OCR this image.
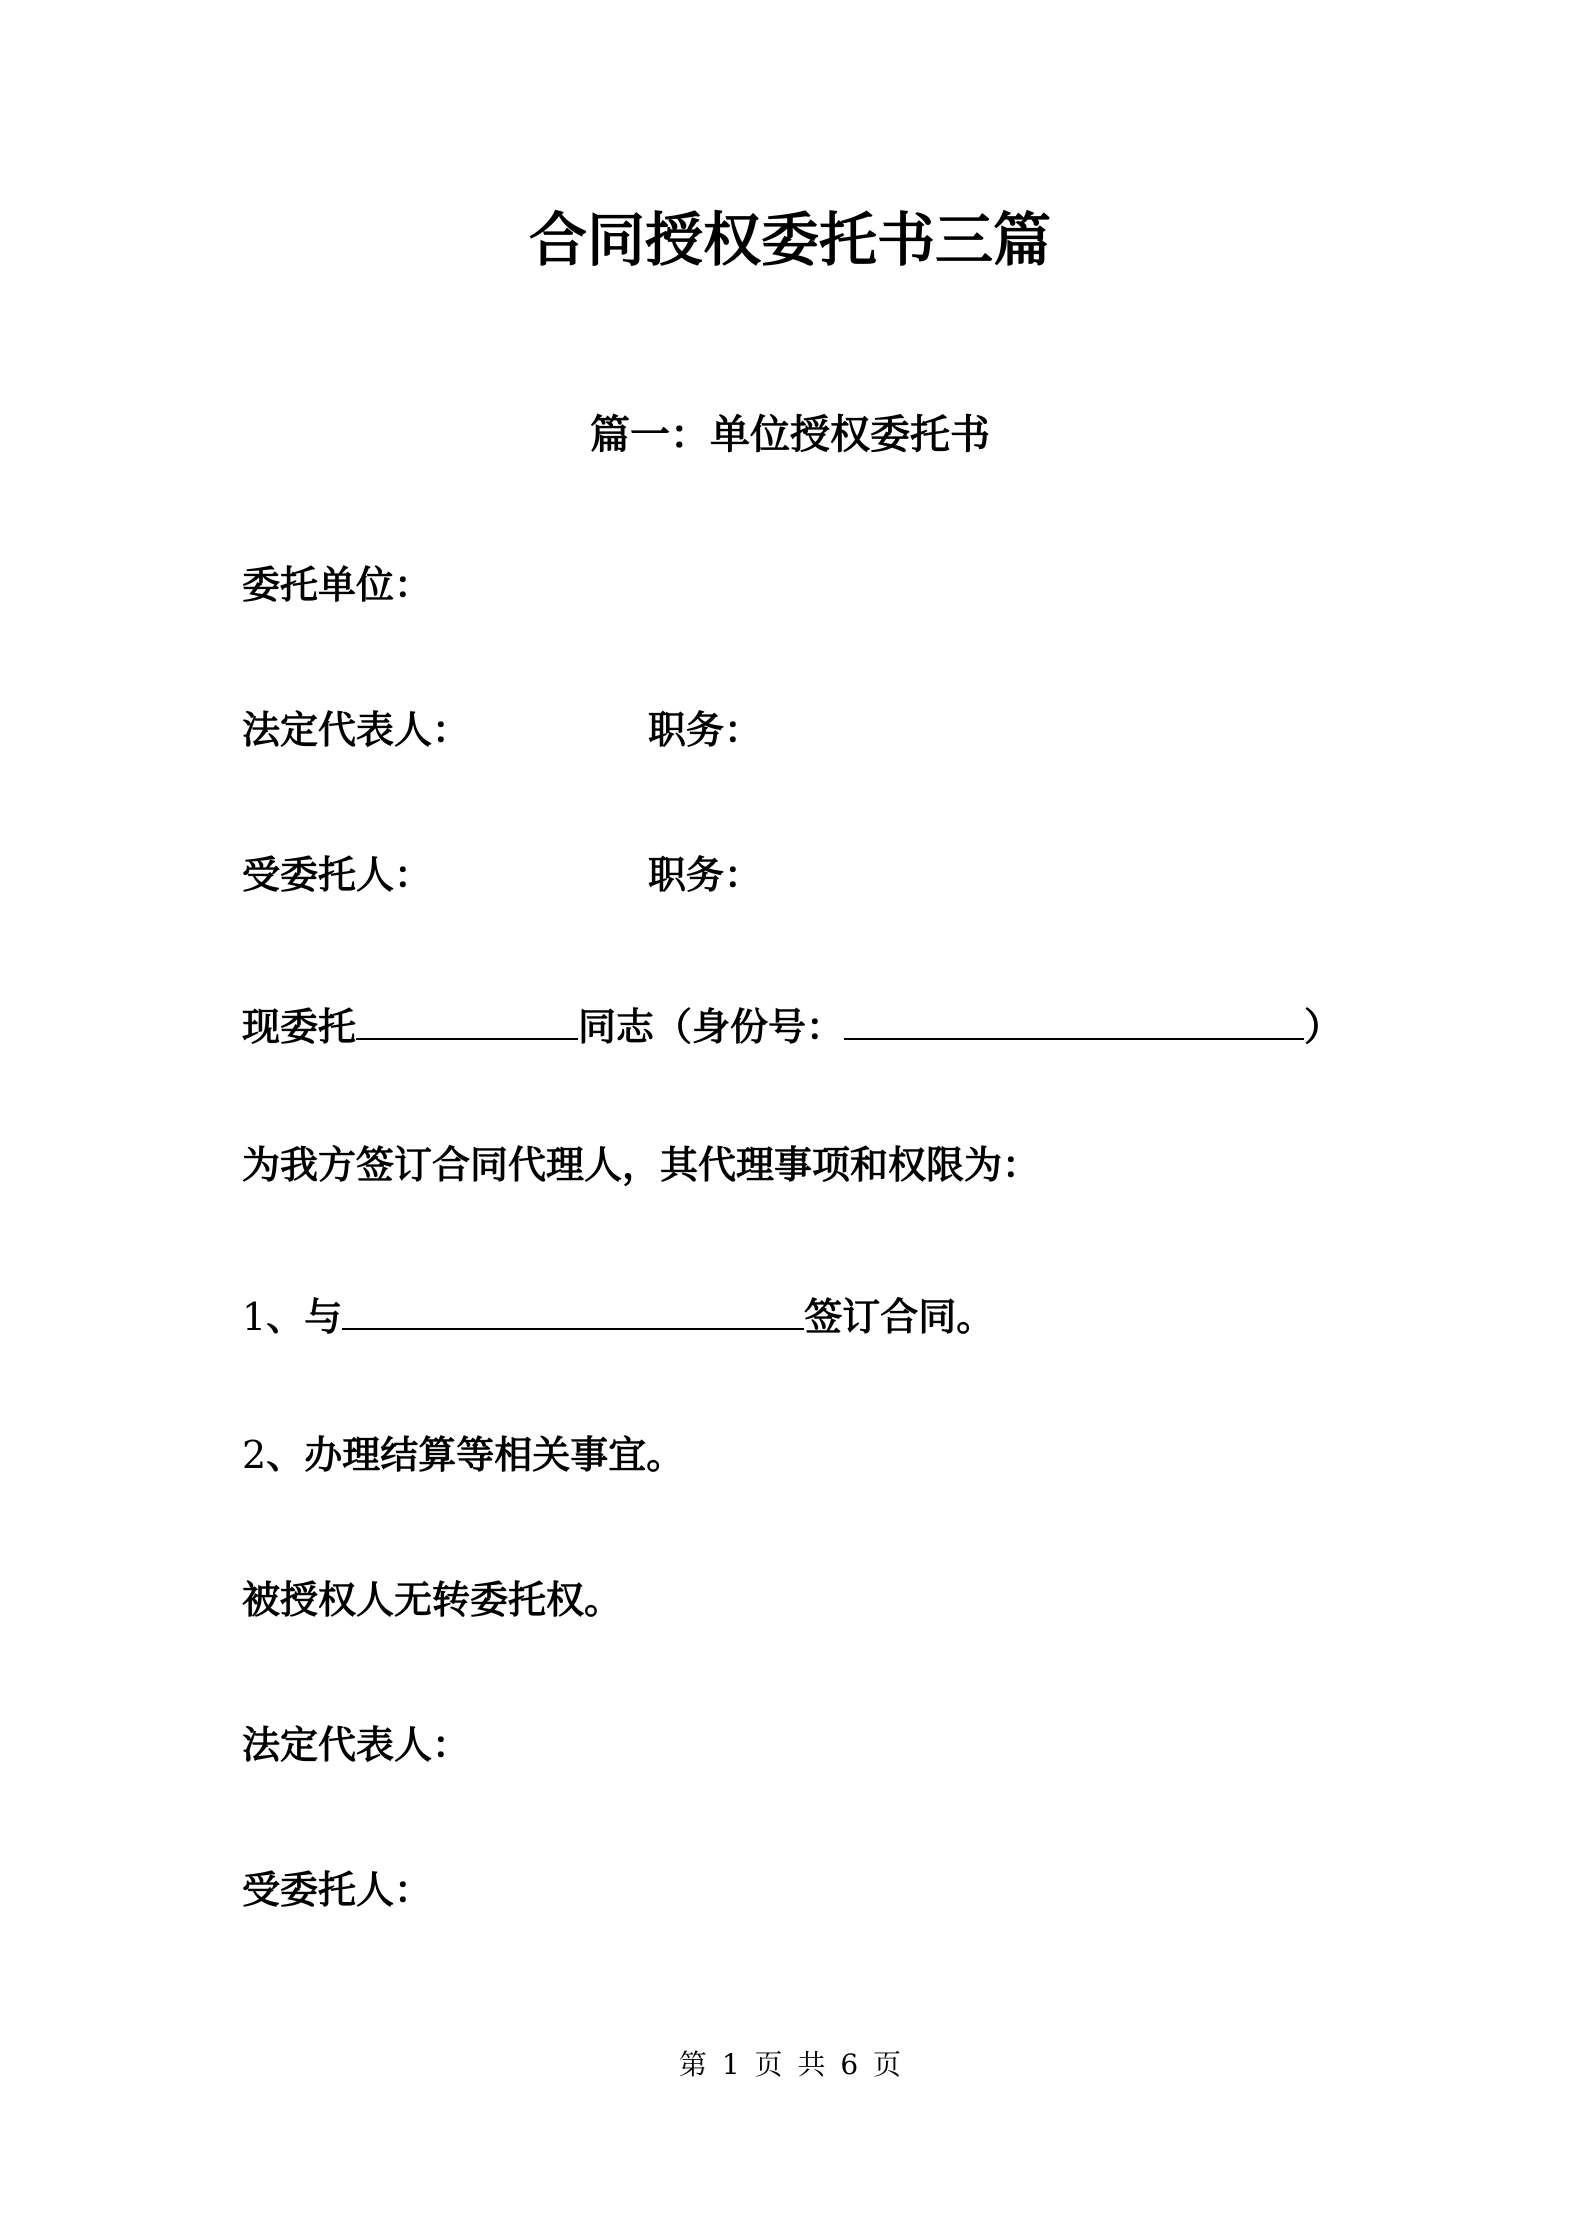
合同授权委托书三篇
篇一：单位授权委托书
委托单位：
法定代表人：	职务：
受委托人：	职务：
现委托	同志（身份号：	）
为我方签订合同代理人，其代理事项和权限为：
1、与	签订合同。
2、办理结算等相关事宜。
被授权人无转委托权。
法定代表人：
受委托人：
第 1 页 共 6 页
